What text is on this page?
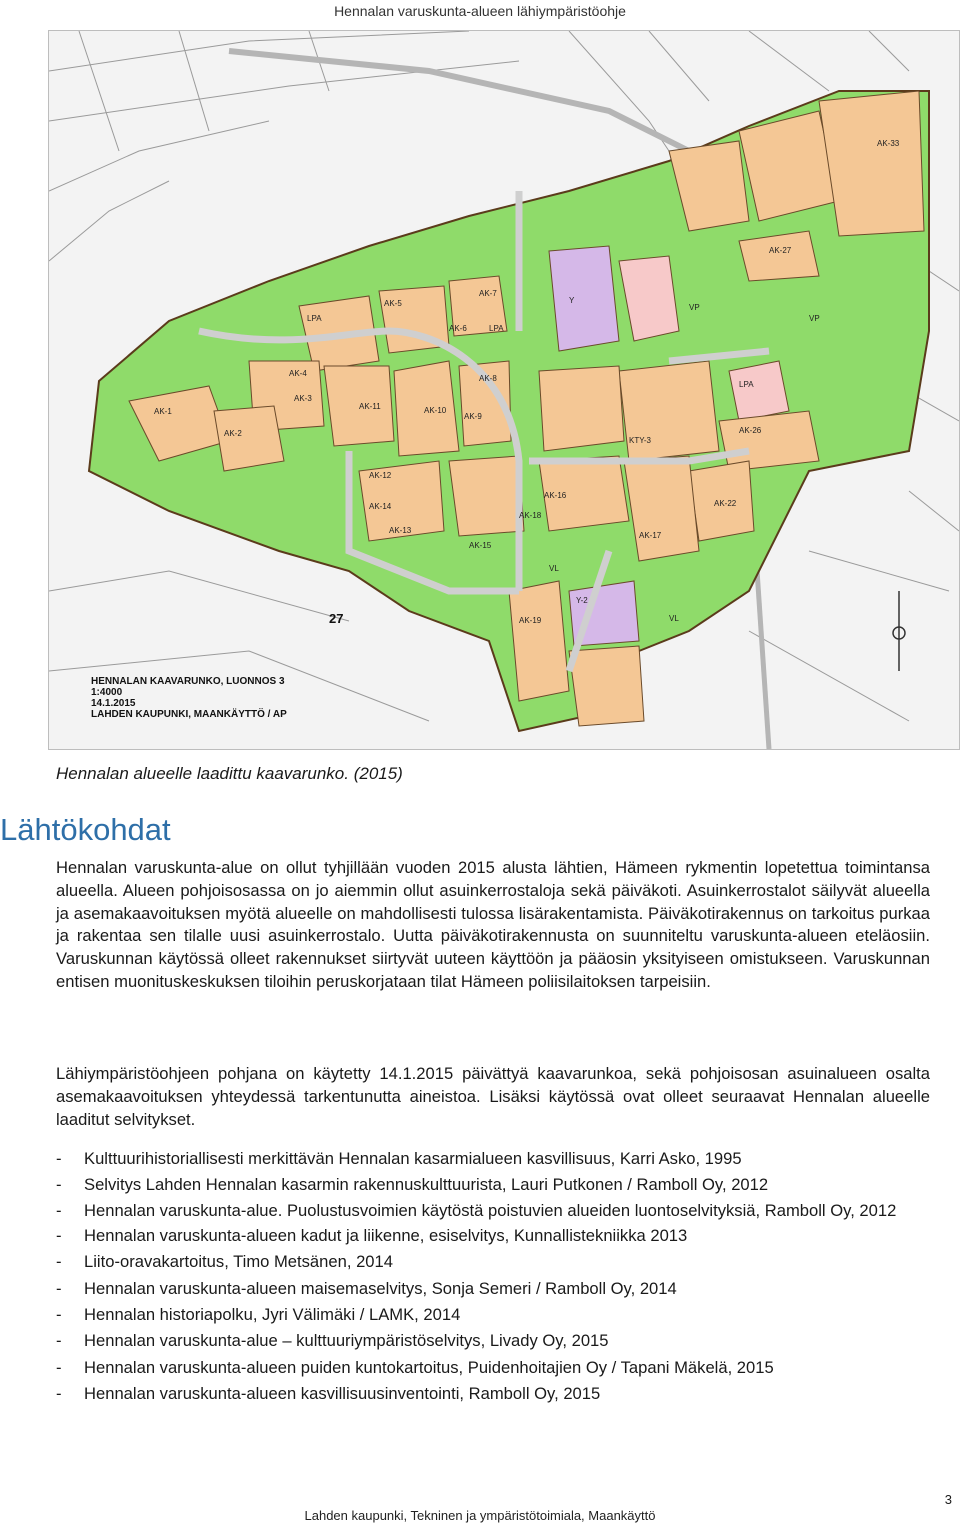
Hennalan varuskunta-alueen lähiympäristöohje
LPA
AK-5
AK-6
AK-7
LPA
AK-4
AK-3
AK-1
AK-2
AK-11	AK-10
AK-9
AK-8
Y
VP
VP
LPA
AK-27
AK-26
AK-22
AK-16
AK-17
AK-15
AK-14
AK-13
AK-12
AK-19
AK-18
Y-2
VL
VL
AK-33
KTY-3
27
HENNALAN KAAVARUNKO, LUONNOS 3
1:4000
14.1.2015
LAHDEN KAUPUNKI, MAANKÄYTTÖ / AP
Hennalan alueelle laadittu kaavarunko. (2015)
Lähtökohdat

Hennalan varuskunta-alue on ollut tyhjillään vuoden 2015 alusta lähtien, Hämeen rykmentin lopetettua toimintansa alueella. Alueen pohjoisosassa on jo aiemmin ollut asuinkerrostaloja sekä päiväkoti. Asuinkerrostalot säilyvät alueella ja asemakaavoituksen myötä alueelle on mahdollisesti tulossa lisärakentamista. Päiväkotirakennus on tarkoitus purkaa ja rakentaa sen tilalle uusi asuinkerrostalo. Uutta päiväkotirakennusta on suunniteltu varuskunta-alueen eteläosiin. Varuskunnan käytössä olleet rakennukset siirtyvät uuteen käyttöön ja pääosin yksityiseen omistukseen. Varuskunnan entisen muonituskeskuksen tiloihin peruskorjataan tilat Hämeen poliisilaitoksen tarpeisiin.

Lähiympäristöohjeen pohjana on käytetty 14.1.2015 päivättyä kaavarunkoa, sekä pohjoisosan asuinalueen osalta asemakaavoituksen yhteydessä tarkentunutta aineistoa. Lisäksi käytössä ovat olleet seuraavat Hennalan alueelle laaditut selvitykset.

- Kulttuurihistoriallisesti merkittävän Hennalan kasarmialueen kasvillisuus, Karri Asko, 1995
- Selvitys Lahden Hennalan kasarmin rakennuskulttuurista, Lauri Putkonen / Ramboll Oy, 2012
- Hennalan varuskunta-alue. Puolustusvoimien käytöstä poistuvien alueiden luontoselvityksiä, Ramboll Oy, 2012
- Hennalan varuskunta-alueen kadut ja liikenne, esiselvitys, Kunnallistekniikka 2013
- Liito-oravakartoitus, Timo Metsänen, 2014
- Hennalan varuskunta-alueen maisemaselvitys, Sonja Semeri / Ramboll Oy, 2014
- Hennalan historiapolku, Jyri Välimäki / LAMK, 2014
- Hennalan varuskunta-alue – kulttuuriympäristöselvitys, Livady Oy, 2015
- Hennalan varuskunta-alueen puiden kuntokartoitus, Puidenhoitajien Oy / Tapani Mäkelä, 2015
- Hennalan varuskunta-alueen kasvillisuusinventointi, Ramboll Oy, 2015
3
Lahden kaupunki, Tekninen ja ympäristötoimiala, Maankäyttö
